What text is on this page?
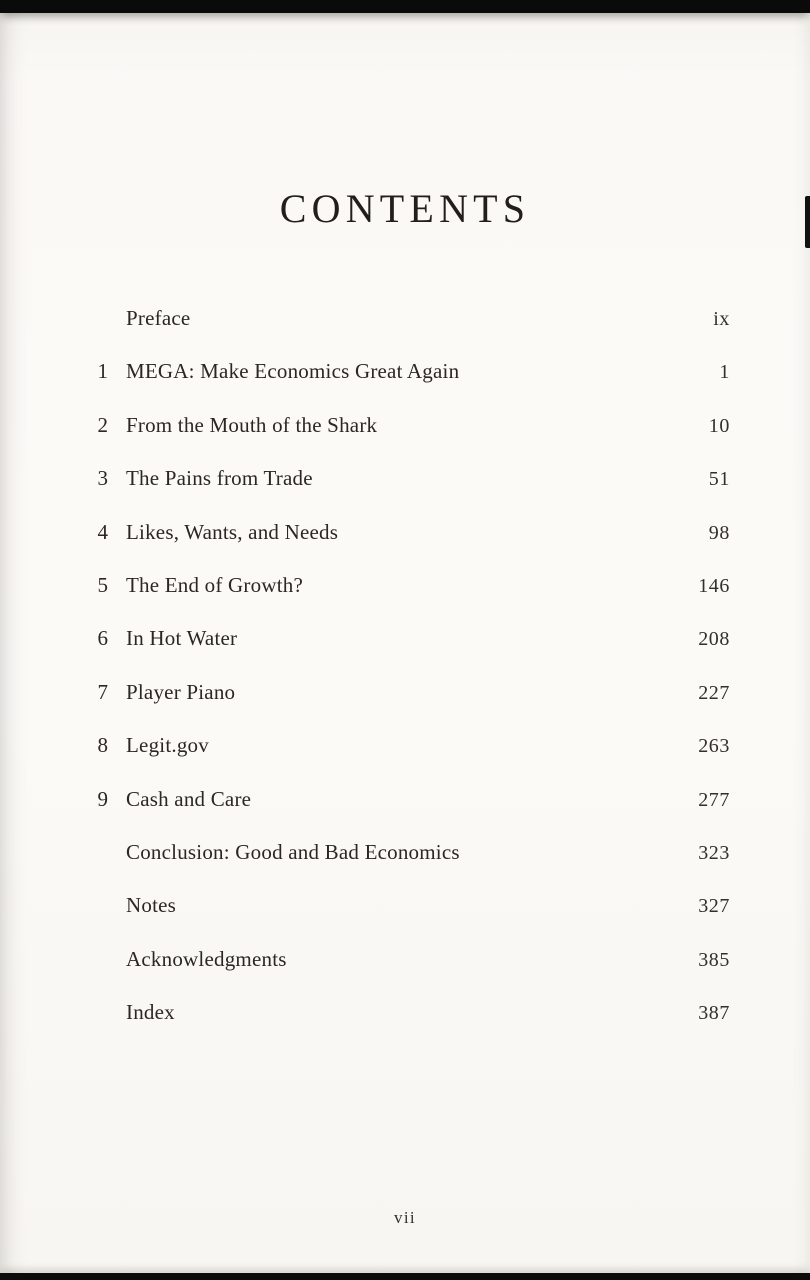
CONTENTS
Preface	ix
1 MEGA: Make Economics Great Again	1
2 From the Mouth of the Shark	10
3 The Pains from Trade	51
4 Likes, Wants, and Needs	98
5 The End of Growth?	146
6 In Hot Water	208
7 Player Piano	227
8 Legit.gov	263
9 Cash and Care	277
Conclusion: Good and Bad Economics	323
Notes	327
Acknowledgments	385
Index	387
vii
